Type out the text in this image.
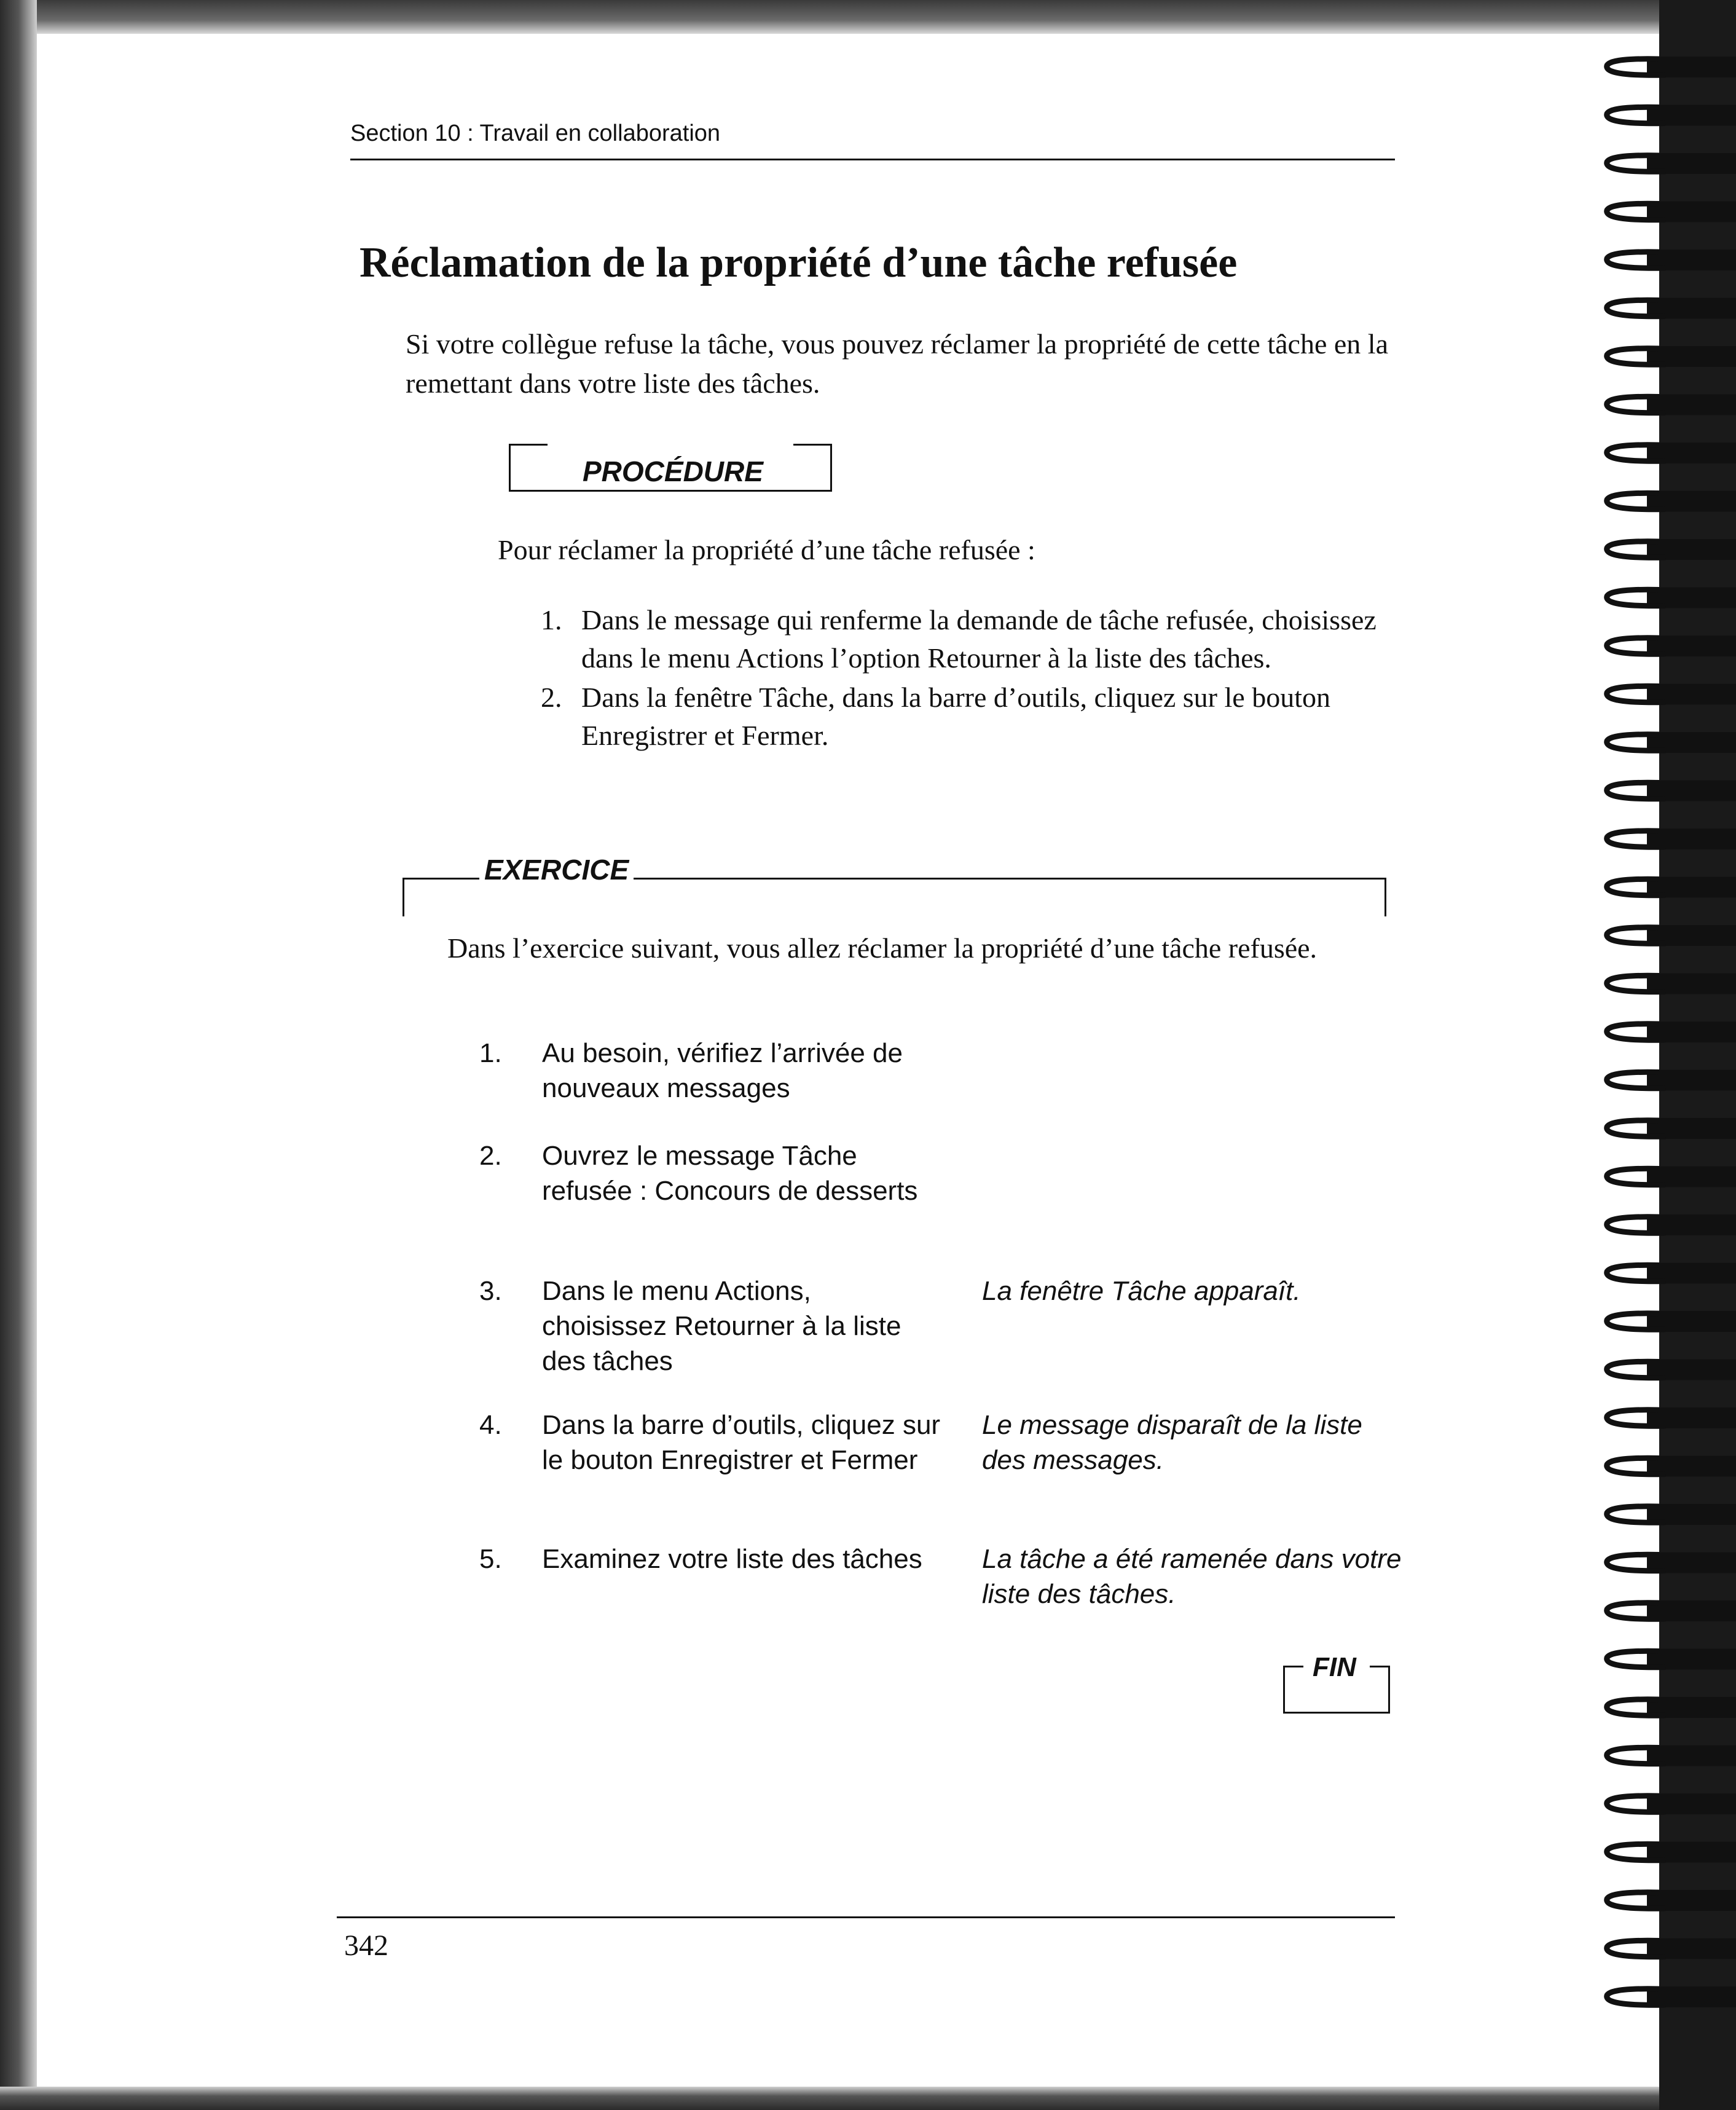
Section 10 : Travail en collaboration
Réclamation de la propriété d’une tâche refusée
Si votre collègue refuse la tâche, vous pouvez réclamer la propriété de cette tâche en la remettant dans votre liste des tâches.
PROCÉDURE
Pour réclamer la propriété d’une tâche refusée :
1. Dans le message qui renferme la demande de tâche refusée, choisissez dans le menu Actions l’option Retourner à la liste des tâches.
2. Dans la fenêtre Tâche, dans la barre d’outils, cliquez sur le bouton Enregistrer et Fermer.
EXERCICE
Dans l’exercice suivant, vous allez réclamer la propriété d’une tâche refusée.
1. Au besoin, vérifiez l’arrivée de nouveaux messages
2. Ouvrez le message Tâche refusée : Concours de desserts
3. Dans le menu Actions, choisissez Retourner à la liste des tâches
La fenêtre Tâche apparaît.
4. Dans la barre d’outils, cliquez sur le bouton Enregistrer et Fermer
Le message disparaît de la liste des messages.
5. Examinez votre liste des tâches	La tâche a été ramenée dans votre liste des tâches.
FIN
342
